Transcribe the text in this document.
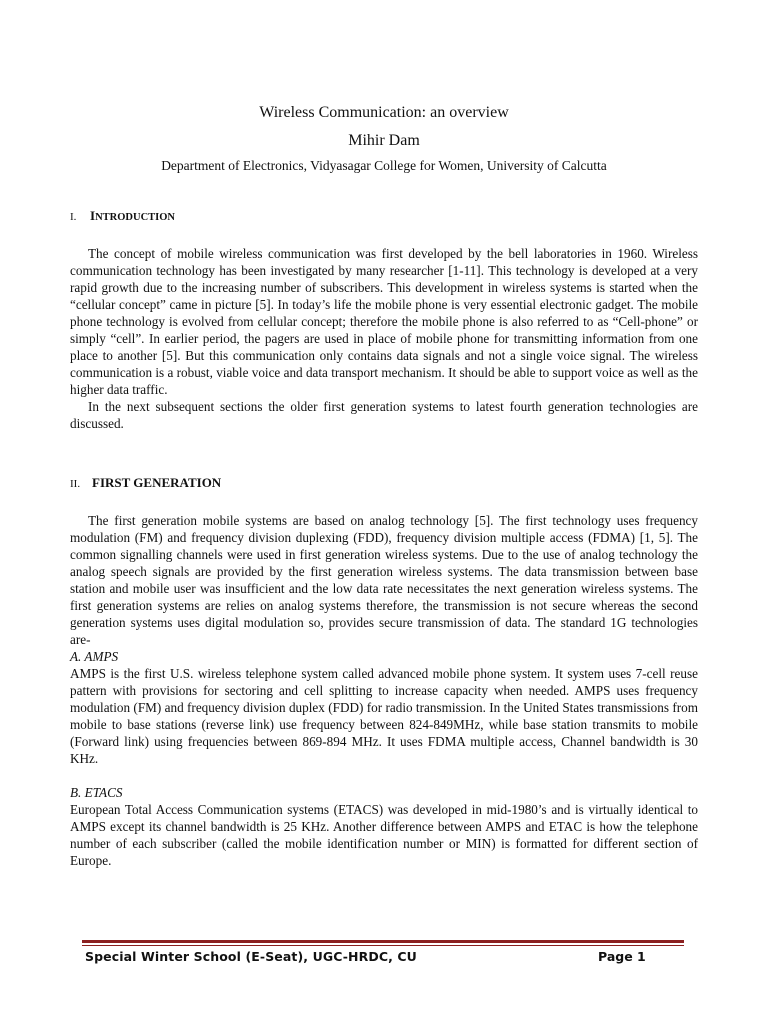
Wireless Communication: an overview
Mihir Dam
Department of Electronics, Vidyasagar College for Women, University of Calcutta
I. INTRODUCTION

The concept of mobile wireless communication was first developed by the bell laboratories in 1960. Wireless communication technology has been investigated by many researcher [1-11]. This technology is developed at a very rapid growth due to the increasing number of subscribers. This development in wireless systems is started when the “cellular concept” came in picture [5]. In today’s life the mobile phone is very essential electronic gadget. The mobile phone technology is evolved from cellular concept; therefore the mobile phone is also referred to as “Cell-phone” or simply “cell”. In earlier period, the pagers are used in place of mobile phone for transmitting information from one place to another [5]. But this communication only contains data signals and not a single voice signal. The wireless communication is a robust, viable voice and data transport mechanism. It should be able to support voice as well as the higher data traffic.

In the next subsequent sections the older first generation systems to latest fourth generation technologies are discussed.

II. FIRST GENERATION

The first generation mobile systems are based on analog technology [5]. The first technology uses frequency modulation (FM) and frequency division duplexing (FDD), frequency division multiple access (FDMA) [1, 5]. The common signalling channels were used in first generation wireless systems. Due to the use of analog technology the analog speech signals are provided by the first generation wireless systems. The data transmission between base station and mobile user was insufficient and the low data rate necessitates the next generation wireless systems. The first generation systems are relies on analog systems therefore, the transmission is not secure whereas the second generation systems uses digital modulation so, provides secure transmission of data. The standard 1G technologies are-

A. AMPS

AMPS is the first U.S. wireless telephone system called advanced mobile phone system. It system uses 7-cell reuse pattern with provisions for sectoring and cell splitting to increase capacity when needed. AMPS uses frequency modulation (FM) and frequency division duplex (FDD) for radio transmission. In the United States transmissions from mobile to base stations (reverse link) use frequency between 824-849MHz, while base station transmits to mobile (Forward link) using frequencies between 869-894 MHz. It uses FDMA multiple access, Channel bandwidth is 30 KHz.

B. ETACS

European Total Access Communication systems (ETACS) was developed in mid-1980’s and is virtually identical to AMPS except its channel bandwidth is 25 KHz. Another difference between AMPS and ETAC is how the telephone number of each subscriber (called the mobile identification number or MIN) is formatted for different section of Europe.

Special Winter School (E-Seat), UGC-HRDC, CU	Page 1
